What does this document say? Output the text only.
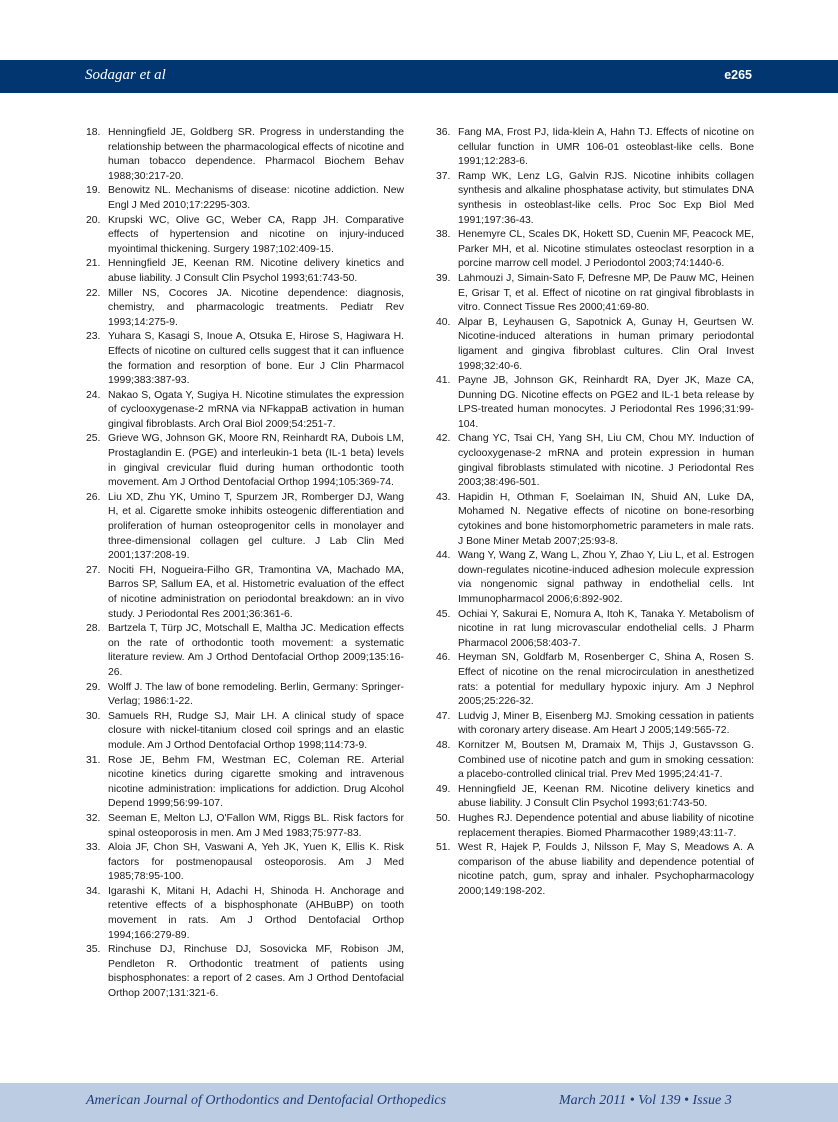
Sodagar et al	e265
18. Henningfield JE, Goldberg SR. Progress in understanding the relationship between the pharmacological effects of nicotine and human tobacco dependence. Pharmacol Biochem Behav 1988;30:217-20.
19. Benowitz NL. Mechanisms of disease: nicotine addiction. New Engl J Med 2010;17:2295-303.
20. Krupski WC, Olive GC, Weber CA, Rapp JH. Comparative effects of hypertension and nicotine on injury-induced myointimal thickening. Surgery 1987;102:409-15.
21. Henningfield JE, Keenan RM. Nicotine delivery kinetics and abuse liability. J Consult Clin Psychol 1993;61:743-50.
22. Miller NS, Cocores JA. Nicotine dependence: diagnosis, chemistry, and pharmacologic treatments. Pediatr Rev 1993;14:275-9.
23. Yuhara S, Kasagi S, Inoue A, Otsuka E, Hirose S, Hagiwara H. Effects of nicotine on cultured cells suggest that it can influence the formation and resorption of bone. Eur J Clin Pharmacol 1999;383:387-93.
24. Nakao S, Ogata Y, Sugiya H. Nicotine stimulates the expression of cyclooxygenase-2 mRNA via NFkappaB activation in human gingival fibroblasts. Arch Oral Biol 2009;54:251-7.
25. Grieve WG, Johnson GK, Moore RN, Reinhardt RA, Dubois LM, Prostaglandin E. (PGE) and interleukin-1 beta (IL-1 beta) levels in gingival crevicular fluid during human orthodontic tooth movement. Am J Orthod Dentofacial Orthop 1994;105:369-74.
26. Liu XD, Zhu YK, Umino T, Spurzem JR, Romberger DJ, Wang H, et al. Cigarette smoke inhibits osteogenic differentiation and proliferation of human osteoprogenitor cells in monolayer and three-dimensional collagen gel culture. J Lab Clin Med 2001;137:208-19.
27. Nociti FH, Nogueira-Filho GR, Tramontina VA, Machado MA, Barros SP, Sallum EA, et al. Histometric evaluation of the effect of nicotine administration on periodontal breakdown: an in vivo study. J Periodontal Res 2001;36:361-6.
28. Bartzela T, Türp JC, Motschall E, Maltha JC. Medication effects on the rate of orthodontic tooth movement: a systematic literature review. Am J Orthod Dentofacial Orthop 2009;135:16-26.
29. Wolff J. The law of bone remodeling. Berlin, Germany: Springer-Verlag; 1986:1-22.
30. Samuels RH, Rudge SJ, Mair LH. A clinical study of space closure with nickel-titanium closed coil springs and an elastic module. Am J Orthod Dentofacial Orthop 1998;114:73-9.
31. Rose JE, Behm FM, Westman EC, Coleman RE. Arterial nicotine kinetics during cigarette smoking and intravenous nicotine administration: implications for addiction. Drug Alcohol Depend 1999;56:99-107.
32. Seeman E, Melton LJ, O'Fallon WM, Riggs BL. Risk factors for spinal osteoporosis in men. Am J Med 1983;75:977-83.
33. Aloia JF, Chon SH, Vaswani A, Yeh JK, Yuen K, Ellis K. Risk factors for postmenopausal osteoporosis. Am J Med 1985;78:95-100.
34. Igarashi K, Mitani H, Adachi H, Shinoda H. Anchorage and retentive effects of a bisphosphonate (AHBuBP) on tooth movement in rats. Am J Orthod Dentofacial Orthop 1994;166:279-89.
35. Rinchuse DJ, Rinchuse DJ, Sosovicka MF, Robison JM, Pendleton R. Orthodontic treatment of patients using bisphosphonates: a report of 2 cases. Am J Orthod Dentofacial Orthop 2007;131:321-6.
36. Fang MA, Frost PJ, Iida-klein A, Hahn TJ. Effects of nicotine on cellular function in UMR 106-01 osteoblast-like cells. Bone 1991;12:283-6.
37. Ramp WK, Lenz LG, Galvin RJS. Nicotine inhibits collagen synthesis and alkaline phosphatase activity, but stimulates DNA synthesis in osteoblast-like cells. Proc Soc Exp Biol Med 1991;197:36-43.
38. Henemyre CL, Scales DK, Hokett SD, Cuenin MF, Peacock ME, Parker MH, et al. Nicotine stimulates osteoclast resorption in a porcine marrow cell model. J Periodontol 2003;74:1440-6.
39. Lahmouzi J, Simain-Sato F, Defresne MP, De Pauw MC, Heinen E, Grisar T, et al. Effect of nicotine on rat gingival fibroblasts in vitro. Connect Tissue Res 2000;41:69-80.
40. Alpar B, Leyhausen G, Sapotnick A, Gunay H, Geurtsen W. Nicotine-induced alterations in human primary periodontal ligament and gingiva fibroblast cultures. Clin Oral Invest 1998;32:40-6.
41. Payne JB, Johnson GK, Reinhardt RA, Dyer JK, Maze CA, Dunning DG. Nicotine effects on PGE2 and IL-1 beta release by LPS-treated human monocytes. J Periodontal Res 1996;31:99-104.
42. Chang YC, Tsai CH, Yang SH, Liu CM, Chou MY. Induction of cyclooxygenase-2 mRNA and protein expression in human gingival fibroblasts stimulated with nicotine. J Periodontal Res 2003;38:496-501.
43. Hapidin H, Othman F, Soelaiman IN, Shuid AN, Luke DA, Mohamed N. Negative effects of nicotine on bone-resorbing cytokines and bone histomorphometric parameters in male rats. J Bone Miner Metab 2007;25:93-8.
44. Wang Y, Wang Z, Wang L, Zhou Y, Zhao Y, Liu L, et al. Estrogen down-regulates nicotine-induced adhesion molecule expression via nongenomic signal pathway in endothelial cells. Int Immunopharmacol 2006;6:892-902.
45. Ochiai Y, Sakurai E, Nomura A, Itoh K, Tanaka Y. Metabolism of nicotine in rat lung microvascular endothelial cells. J Pharm Pharmacol 2006;58:403-7.
46. Heyman SN, Goldfarb M, Rosenberger C, Shina A, Rosen S. Effect of nicotine on the renal microcirculation in anesthetized rats: a potential for medullary hypoxic injury. Am J Nephrol 2005;25:226-32.
47. Ludvig J, Miner B, Eisenberg MJ. Smoking cessation in patients with coronary artery disease. Am Heart J 2005;149:565-72.
48. Kornitzer M, Boutsen M, Dramaix M, Thijs J, Gustavsson G. Combined use of nicotine patch and gum in smoking cessation: a placebo-controlled clinical trial. Prev Med 1995;24:41-7.
49. Henningfield JE, Keenan RM. Nicotine delivery kinetics and abuse liability. J Consult Clin Psychol 1993;61:743-50.
50. Hughes RJ. Dependence potential and abuse liability of nicotine replacement therapies. Biomed Pharmacother 1989;43:11-7.
51. West R, Hajek P, Foulds J, Nilsson F, May S, Meadows A. A comparison of the abuse liability and dependence potential of nicotine patch, gum, spray and inhaler. Psychopharmacology 2000;149:198-202.
American Journal of Orthodontics and Dentofacial Orthopedics	March 2011 • Vol 139 • Issue 3
